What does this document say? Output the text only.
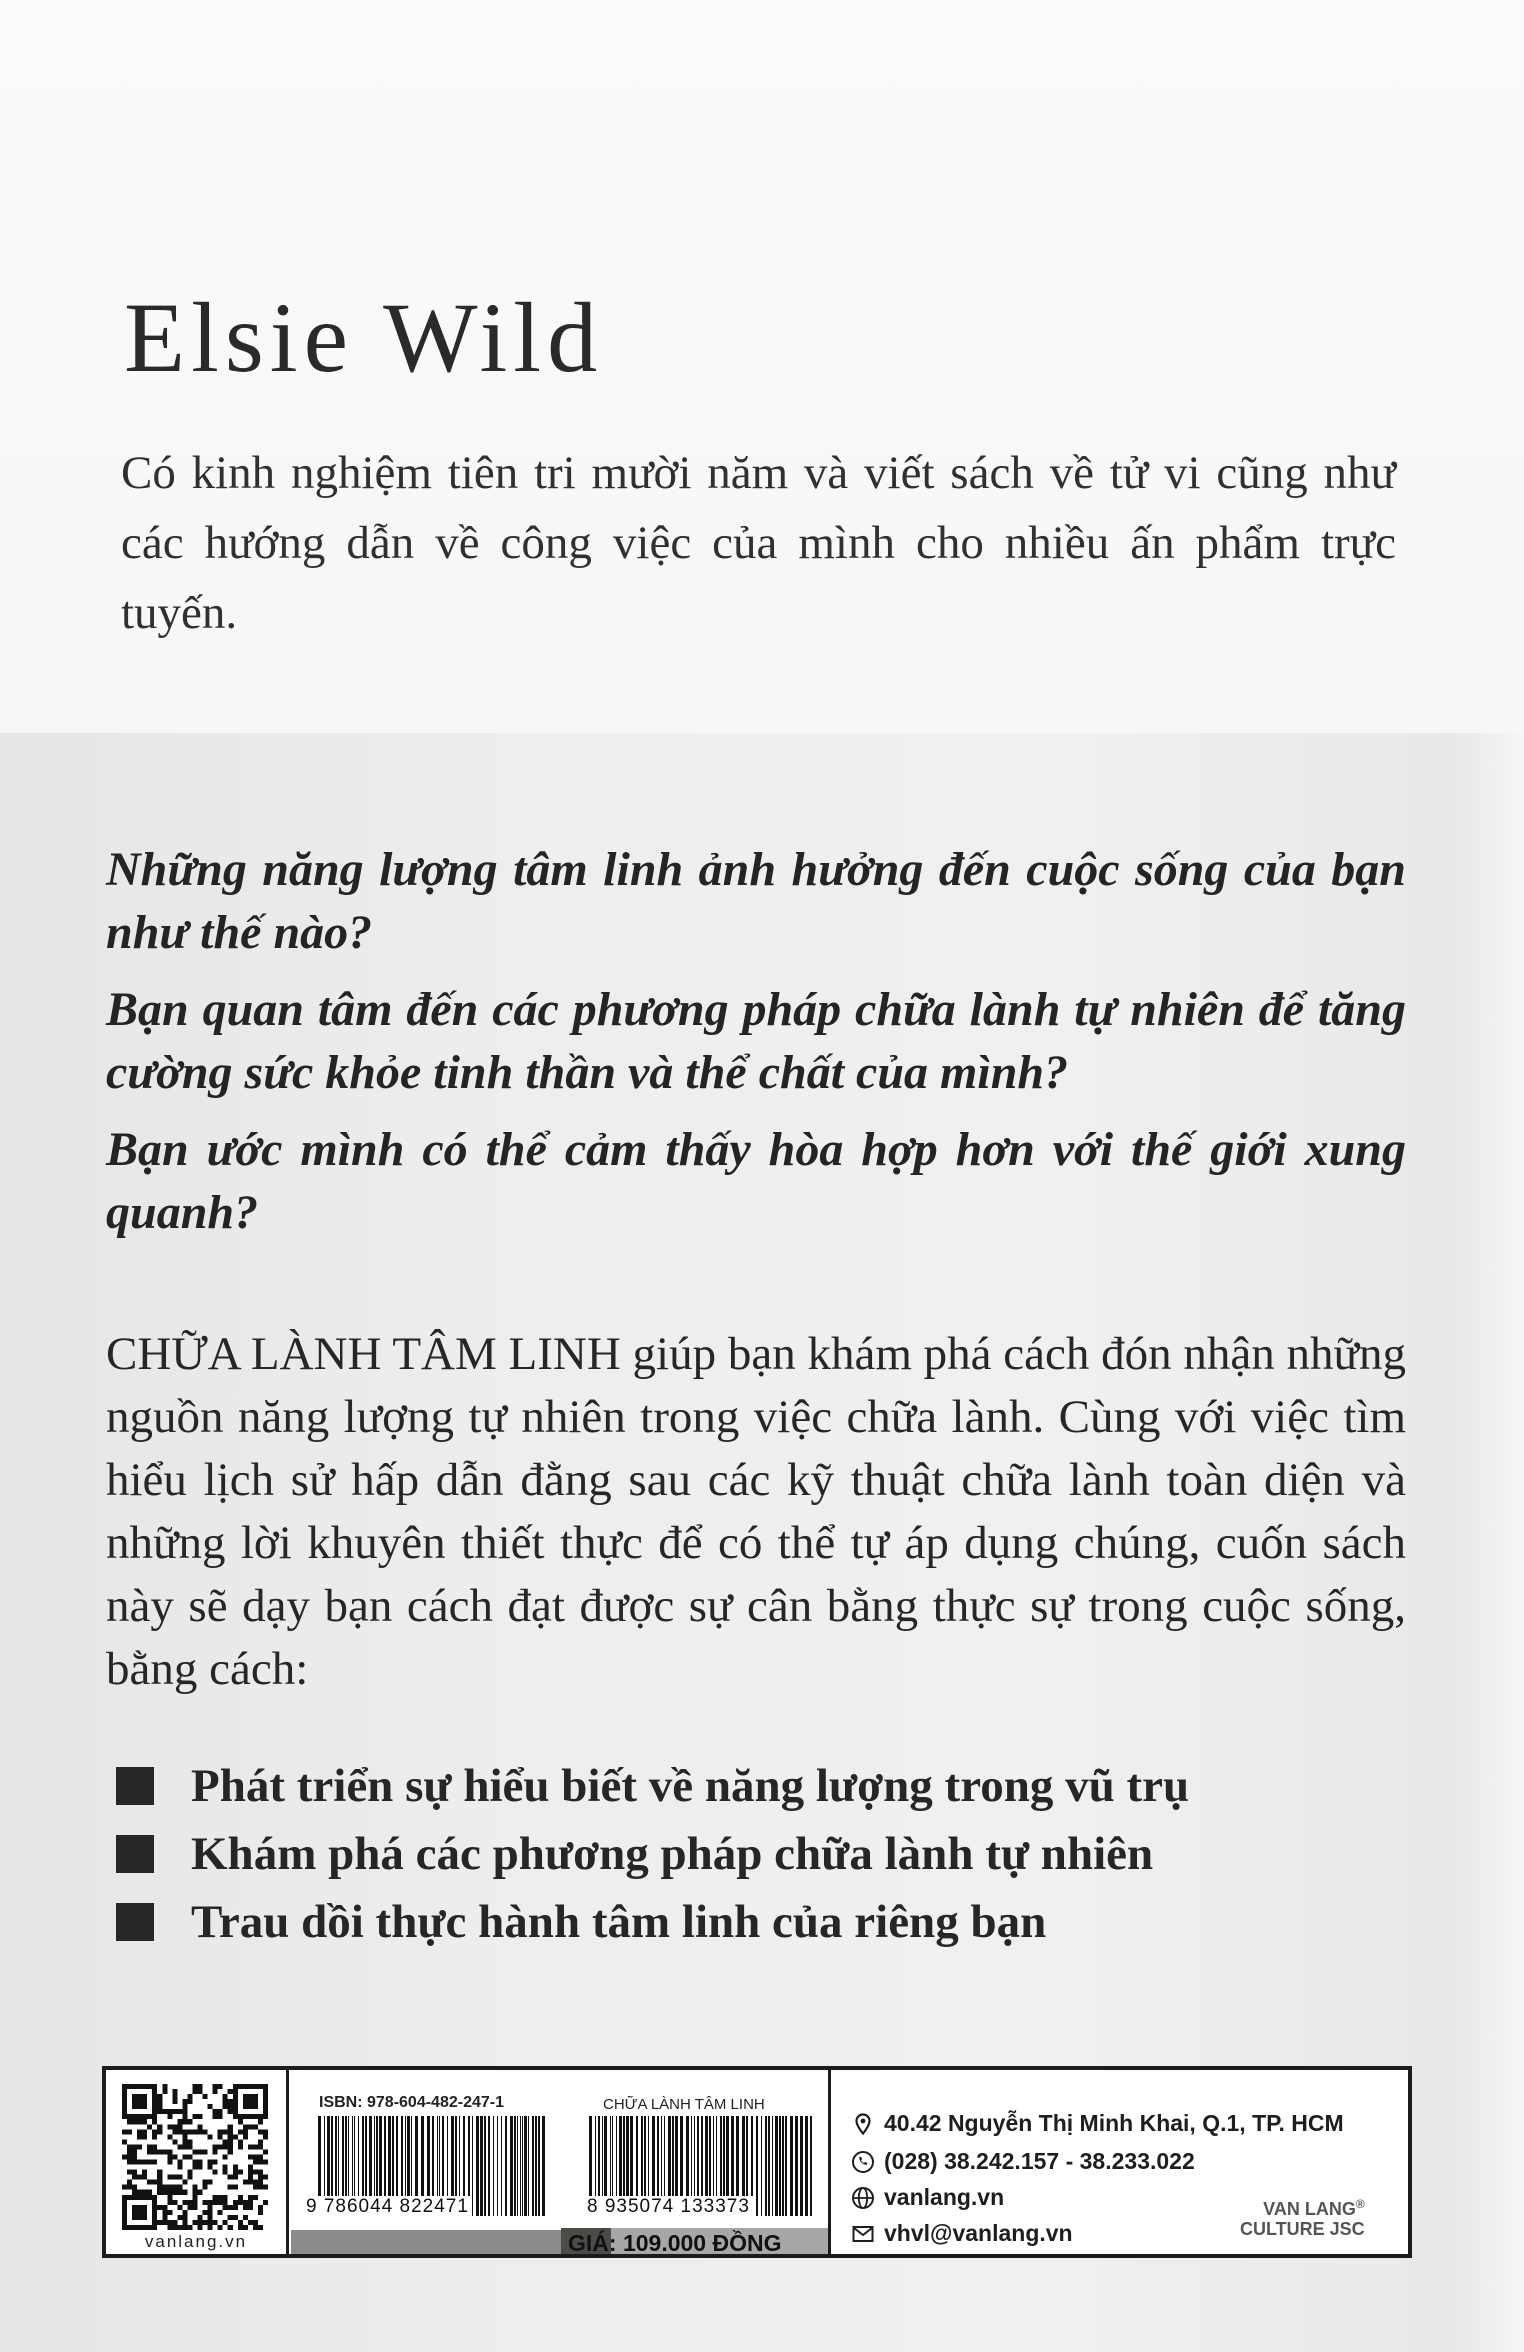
Elsie Wild

Có kinh nghiệm tiên tri mười năm và viết sách về tử vi cũng như các hướng dẫn về công việc của mình cho nhiều ấn phẩm trực tuyến.

Những năng lượng tâm linh ảnh hưởng đến cuộc sống của bạn như thế nào?

Bạn quan tâm đến các phương pháp chữa lành tự nhiên để tăng cường sức khỏe tinh thần và thể chất của mình?

Bạn ước mình có thể cảm thấy hòa hợp hơn với thế giới xung quanh?

CHỮA LÀNH TÂM LINH giúp bạn khám phá cách đón nhận những nguồn năng lượng tự nhiên trong việc chữa lành. Cùng với việc tìm hiểu lịch sử hấp dẫn đằng sau các kỹ thuật chữa lành toàn diện và những lời khuyên thiết thực để có thể tự áp dụng chúng, cuốn sách này sẽ dạy bạn cách đạt được sự cân bằng thực sự trong cuộc sống, bằng cách:

Phát triển sự hiểu biết về năng lượng trong vũ trụ
Khám phá các phương pháp chữa lành tự nhiên
Trau dồi thực hành tâm linh của riêng bạn
vanlang.vn
ISBN: 978-604-482-247-1	CHỮA LÀNH TÂM LINH
9 786044 822471	8 935074 133373
GIÁ: 109.000 ĐỒNG
40.42 Nguyễn Thị Minh Khai, Q.1, TP. HCM
(028) 38.242.157 - 38.233.022
vanlang.vn
vhvl@vanlang.vn
VAN LANG®
CULTURE JSC
